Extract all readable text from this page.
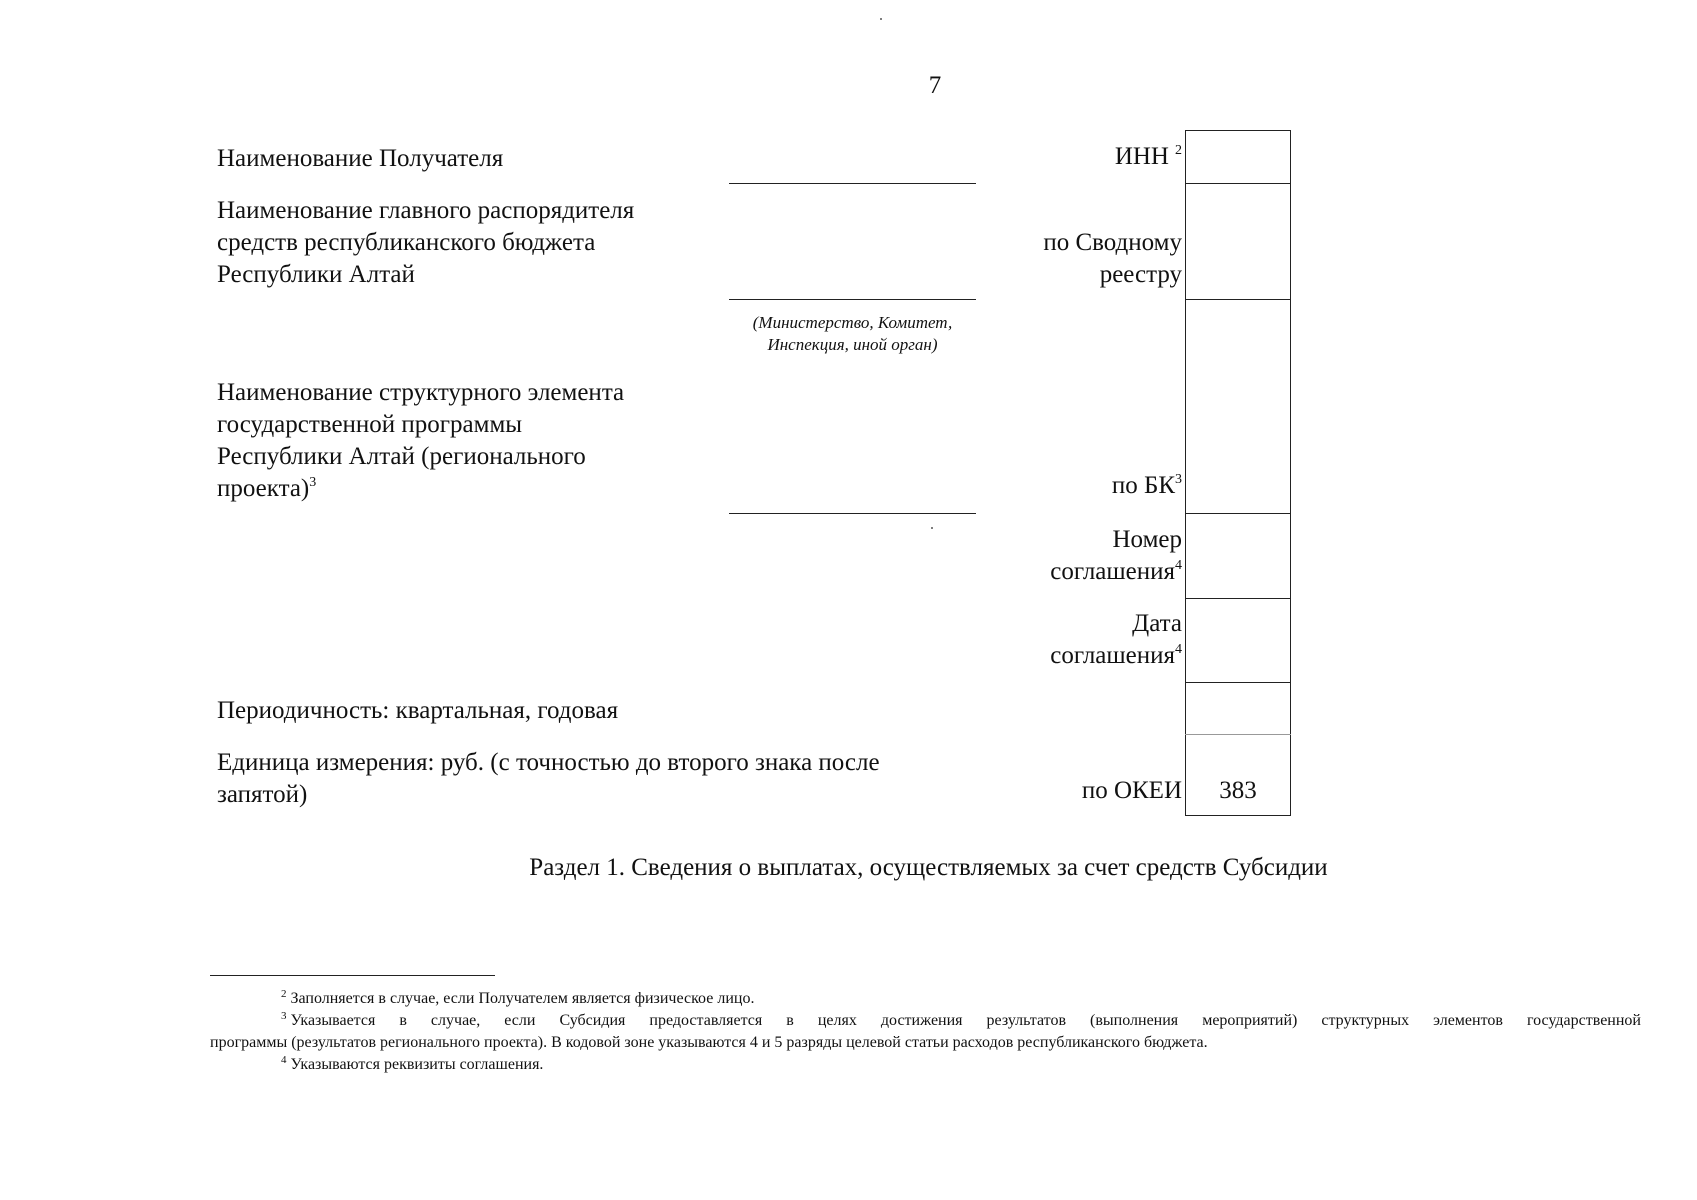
7
Наименование Получателя
Наименование главного распорядителя
средств республиканского бюджета
Республики Алтай
(Министерство, Комитет,
Инспекция, иной орган)
Наименование структурного элемента
государственной программы
Республики Алтай (регионального
проекта)$^3$
Периодичность: квартальная, годовая
Единица измерения: руб. (с точностью до второго знака после
запятой)
ИНН $^2$
по Сводному
реестру
по $БК^3$
Номер
соглашения$^4$
Дата
соглашения$^4$
по ОКЕИ	383
Раздел 1. Сведения о выплатах, осуществляемых за счет средств Субсидии
$^2$ Заполняется в случае, если Получателем является физическое лицо.
$^3$ Указывается в случае, если Субсидия предоставляется в целях достижения результатов (выполнения мероприятий) структурных элементов государственной
программы (результатов регионального проекта). В кодовой зоне указываются 4 и 5 разряды целевой статьи расходов республиканского бюджета.
$^4$ Указываются реквизиты соглашения.
